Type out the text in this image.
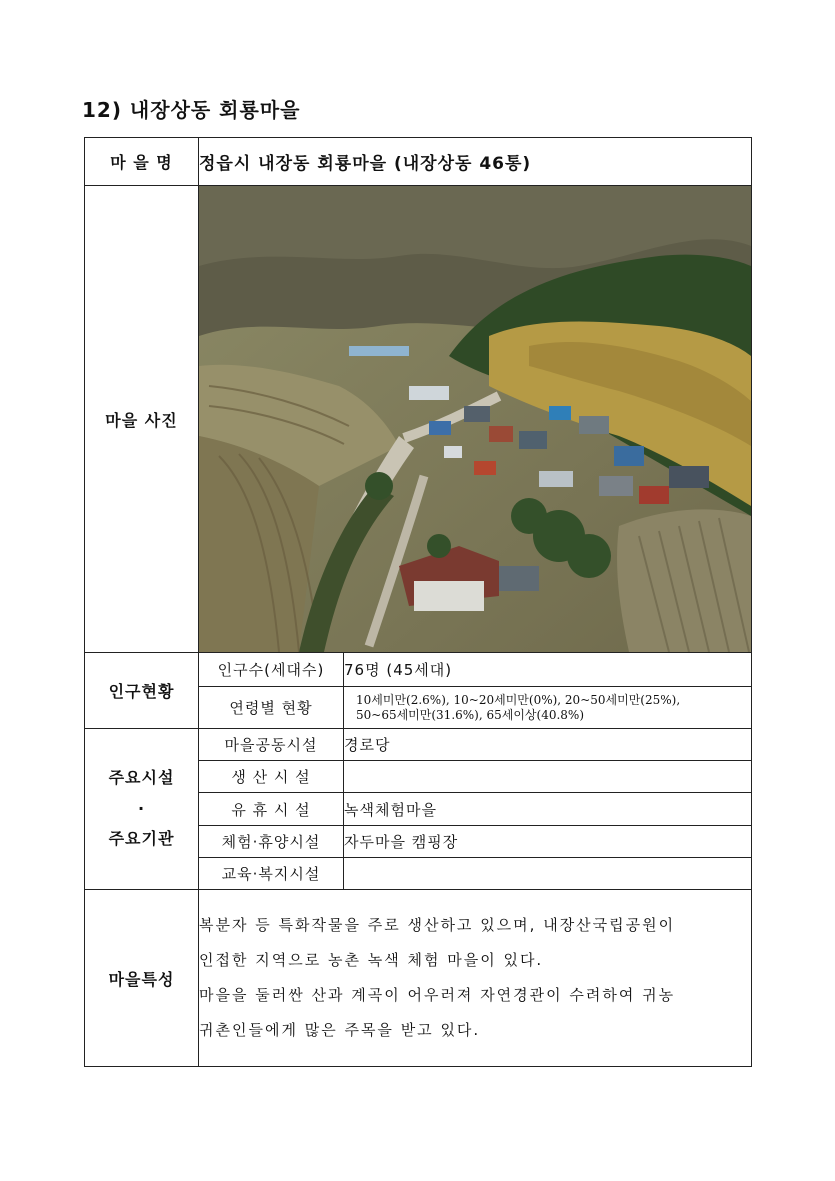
12) 내장상동 회룡마을
마 을 명	정읍시 내장동 회룡마을 (내장상동 46통)	
마을 사진	

인구현황	인구수(세대수)	76명 (45세대)
	연령별 현황	10세미만(2.6%), 10~20세미만(0%), 20~50세미만(25%),
50~65세미만(31.6%), 65세이상(40.8%)

주요시설
·
주요기관	마을공동시설	경로당
	생 산 시 설	
	유 휴 시 설	녹색체험마을
	체험·휴양시설	자두마을 캠핑장
	교육·복지시설	
마을특성	복분자 등 특화작물을 주로 생산하고 있으며, 내장산국립공원이
인접한 지역으로 농촌 녹색 체험 마을이 있다.
마을을 둘러싼 산과 계곡이 어우러져 자연경관이 수려하여 귀농
귀촌인들에게 많은 주목을 받고 있다.	
